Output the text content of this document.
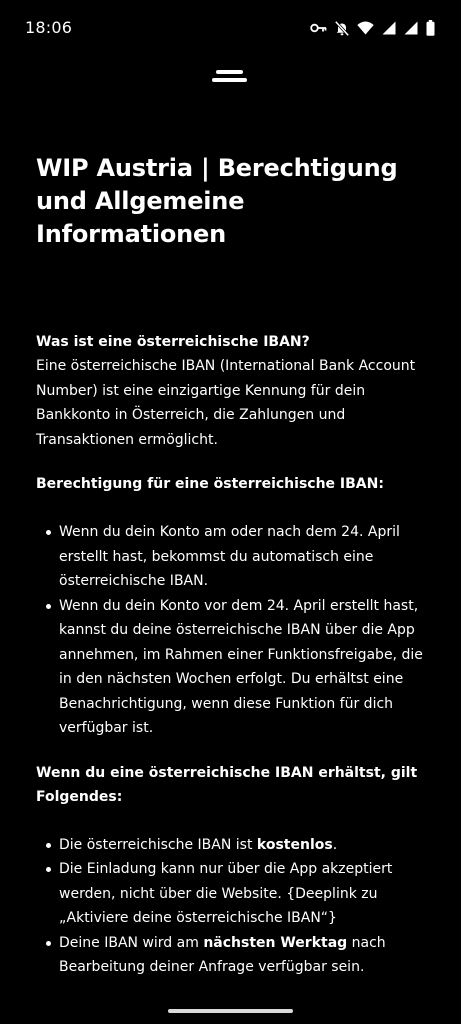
18:06
WIP Austria | Berechtigung und Allgemeine Informationen

Was ist eine österreichische IBAN?

Eine österreichische IBAN (International Bank Account Number) ist eine einzigartige Kennung für dein Bankkonto in Österreich, die Zahlungen und Transaktionen ermöglicht.

Berechtigung für eine österreichische IBAN:

Wenn du dein Konto am oder nach dem 24. April erstellt hast, bekommst du automatisch eine österreichische IBAN.
Wenn du dein Konto vor dem 24. April erstellt hast, kannst du deine österreichische IBAN über die App annehmen, im Rahmen einer Funktionsfreigabe, die in den nächsten Wochen erfolgt. Du erhältst eine Benachrichtigung, wenn diese Funktion für dich verfügbar ist.

Wenn du eine österreichische IBAN erhältst, gilt Folgendes:

Die österreichische IBAN ist kostenlos.
Die Einladung kann nur über die App akzeptiert werden, nicht über die Website. {Deeplink zu „Aktiviere deine österreichische IBAN“}
Deine IBAN wird am nächsten Werktag nach Bearbeitung deiner Anfrage verfügbar sein.
